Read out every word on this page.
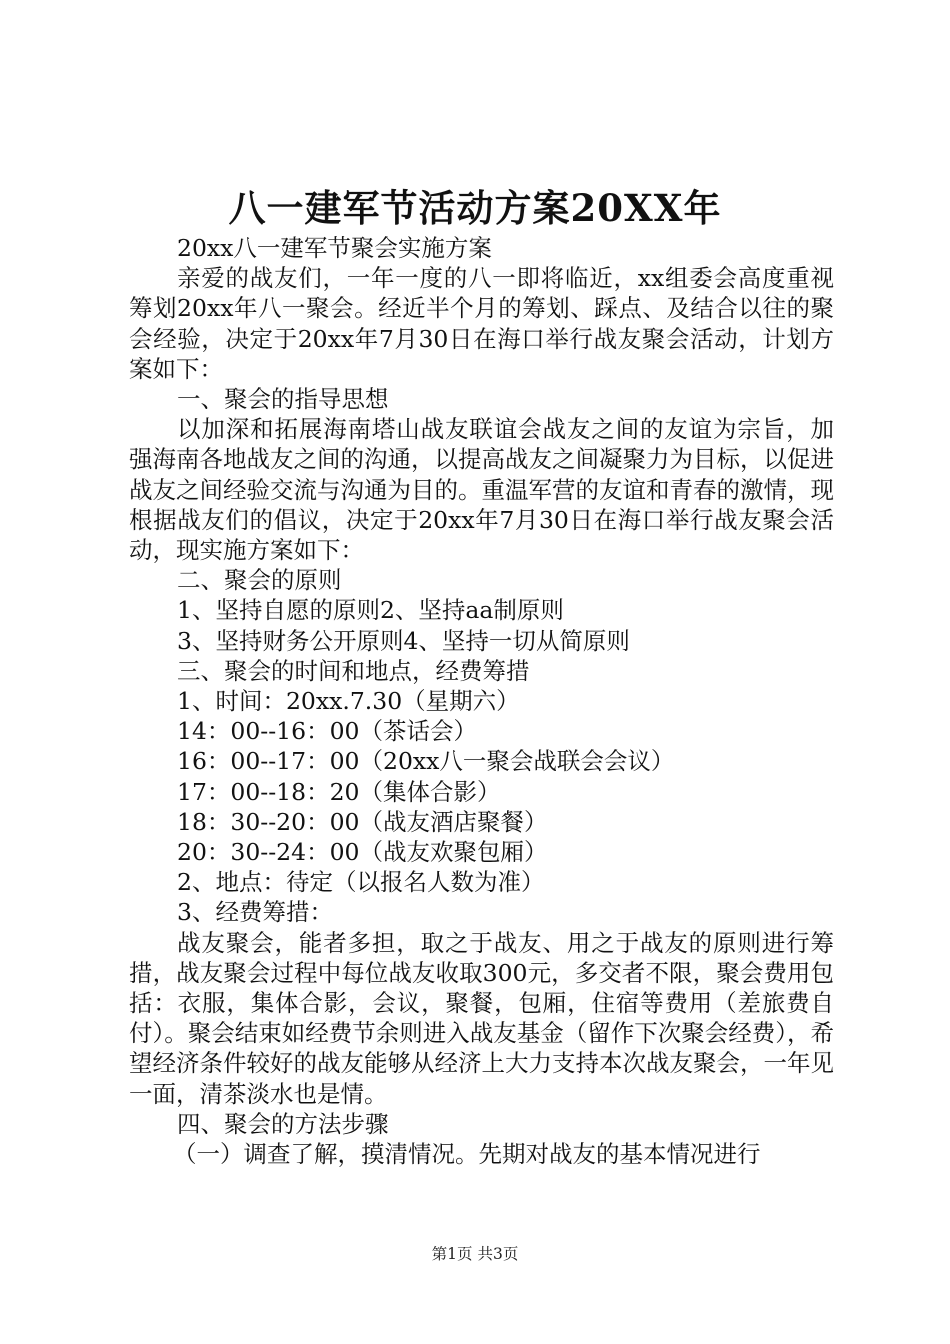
八一建军节活动方案20XX年

20xx八一建军节聚会实施方案

亲爱的战友们，一年一度的八一即将临近，xx组委会高度重视筹划20xx年八一聚会。经近半个月的筹划、踩点、及结合以往的聚会经验，决定于20xx年7月30日在海口举行战友聚会活动，计划方案如下：

一、聚会的指导思想

以加深和拓展海南塔山战友联谊会战友之间的友谊为宗旨，加强海南各地战友之间的沟通，以提高战友之间凝聚力为目标，以促进战友之间经验交流与沟通为目的。重温军营的友谊和青春的激情，现根据战友们的倡议，决定于20xx年7月30日在海口举行战友聚会活动，现实施方案如下：

二、聚会的原则

1、坚持自愿的原则2、坚持aa制原则

3、坚持财务公开原则4、坚持一切从简原则

三、聚会的时间和地点，经费筹措

1、时间：20xx.7.30（星期六）

14：00--16：00（茶话会）

16：00--17：00（20xx八一聚会战联会会议）

17：00--18：20（集体合影）

18：30--20：00（战友酒店聚餐）

20：30--24：00（战友欢聚包厢）

2、地点：待定（以报名人数为准）

3、经费筹措：

战友聚会，能者多担，取之于战友、用之于战友的原则进行筹措，战友聚会过程中每位战友收取300元，多交者不限，聚会费用包括：衣服，集体合影，会议，聚餐，包厢，住宿等费用（差旅费自付）。聚会结束如经费节余则进入战友基金（留作下次聚会经费），希望经济条件较好的战友能够从经济上大力支持本次战友聚会，一年见一面，清茶淡水也是情。

四、聚会的方法步骤

（一）调查了解，摸清情况。先期对战友的基本情况进行

第1页 共3页
